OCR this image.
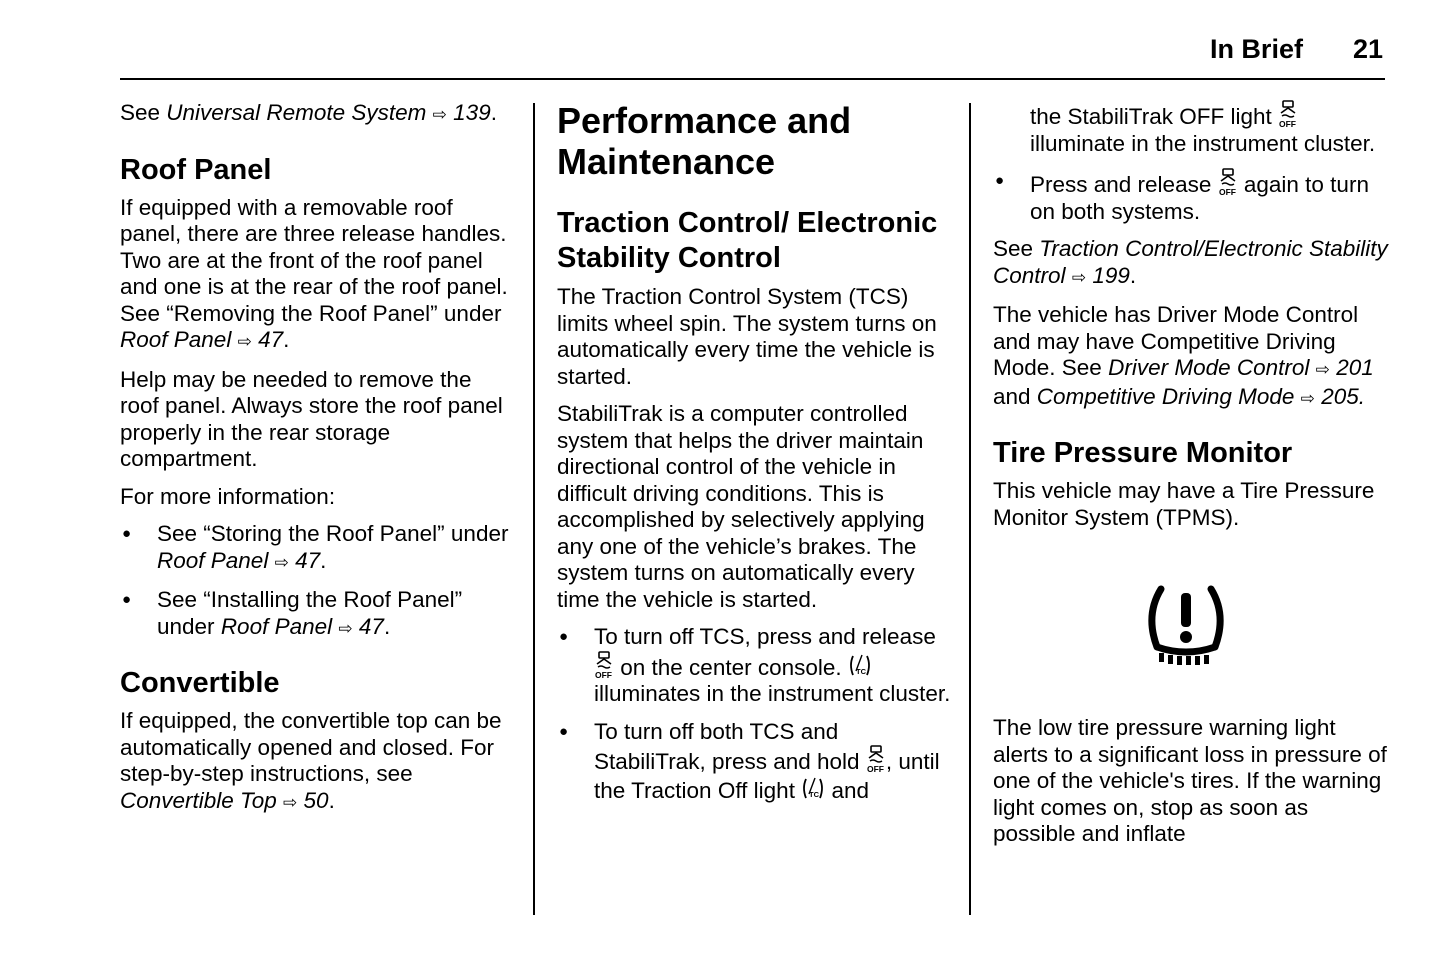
In Brief 21

See Universal Remote System ⇨ 139.

Roof Panel

If equipped with a removable roof panel, there are three release handles. Two are at the front of the roof panel and one is at the rear of the roof panel. See “Removing the Roof Panel” under Roof Panel ⇨ 47.

Help may be needed to remove the roof panel. Always store the roof panel properly in the rear storage compartment.

For more information:

● See “Storing the Roof Panel” under Roof Panel ⇨ 47.
● See “Installing the Roof Panel” under Roof Panel ⇨ 47.
Convertible

If equipped, the convertible top can be automatically opened and closed. For step-by-step instructions, see Convertible Top ⇨ 50.

Performance and Maintenance
Traction Control/ Electronic Stability Control

The Traction Control System (TCS) limits wheel spin. The system turns on automatically every time the vehicle is started.

StabiliTrak is a computer controlled system that helps the driver maintain directional control of the vehicle in difficult driving conditions. This is accomplished by selectively applying any one of the vehicle’s brakes. The system turns on automatically every time the vehicle is started.

● To turn off TCS, press and release
OFF on the center console. TC
illuminates in the instrument cluster.
● To turn off both TCS and StabiliTrak, press and hold OFF , until the Traction Off light TC and

the StabiliTrak OFF light OFF
illuminate in the instrument cluster.

● Press and release OFF again to turn on both systems.

See Traction Control/Electronic Stability Control ⇨ 199.

The vehicle has Driver Mode Control and may have Competitive Driving Mode. See Driver Mode Control ⇨ 201 and Competitive Driving Mode ⇨ 205.

Tire Pressure Monitor

This vehicle may have a Tire Pressure Monitor System (TPMS).

The low tire pressure warning light alerts to a significant loss in pressure of one of the vehicle's tires. If the warning light comes on, stop as soon as possible and inflate
